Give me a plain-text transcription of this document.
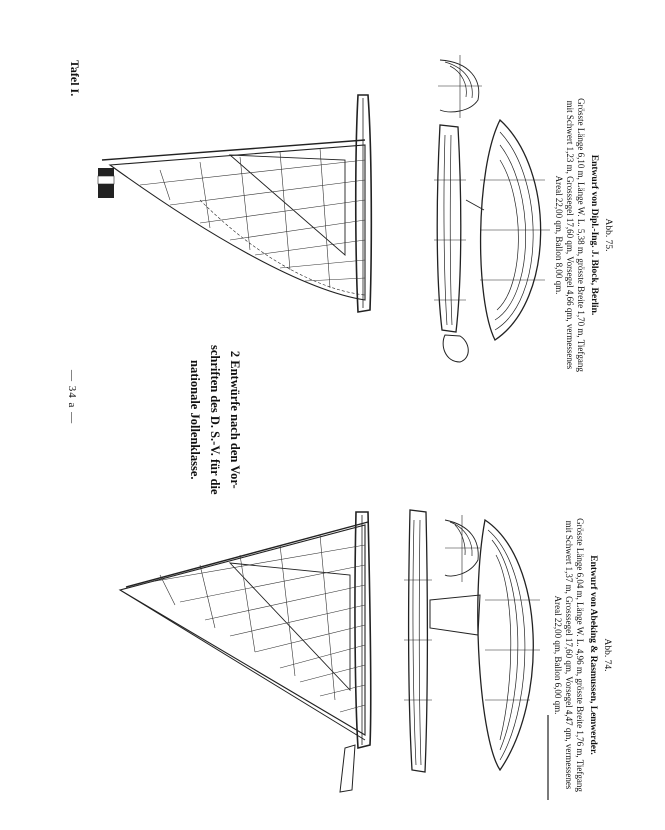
Tafel I.
— 34 a —	2 Entwürfe nach den Vor-
schriften des D. S.-V. für die
nationale Jollenklasse.
Abb. 75.
Entwurf von Dipl.-Ing. J. Block, Berlin.
Grösste Länge 6,10 m, Länge W. L. 5,38 m, grösste Breite 1,70 m, Tiefgang
mit Schwert 1,23 m, Grosssegel 17,60 qm, Vorsegel 4,66 qm, vermessenes
Areal 22,00 qm, Ballon 8,00 qm.
Abb. 74.
Entwurf von Abeking & Rasmussen, Lemwerder.
Grösste Länge 6,04 m, Länge W. L. 4,96 m, grösste Breite 1,76 m, Tiefgang
mit Schwert 1,37 m, Grosssegel 17,60 qm, Vorsegel 4,47 qm, vermessenes
Areal 22,00 qm, Ballon 6,00 qm.
